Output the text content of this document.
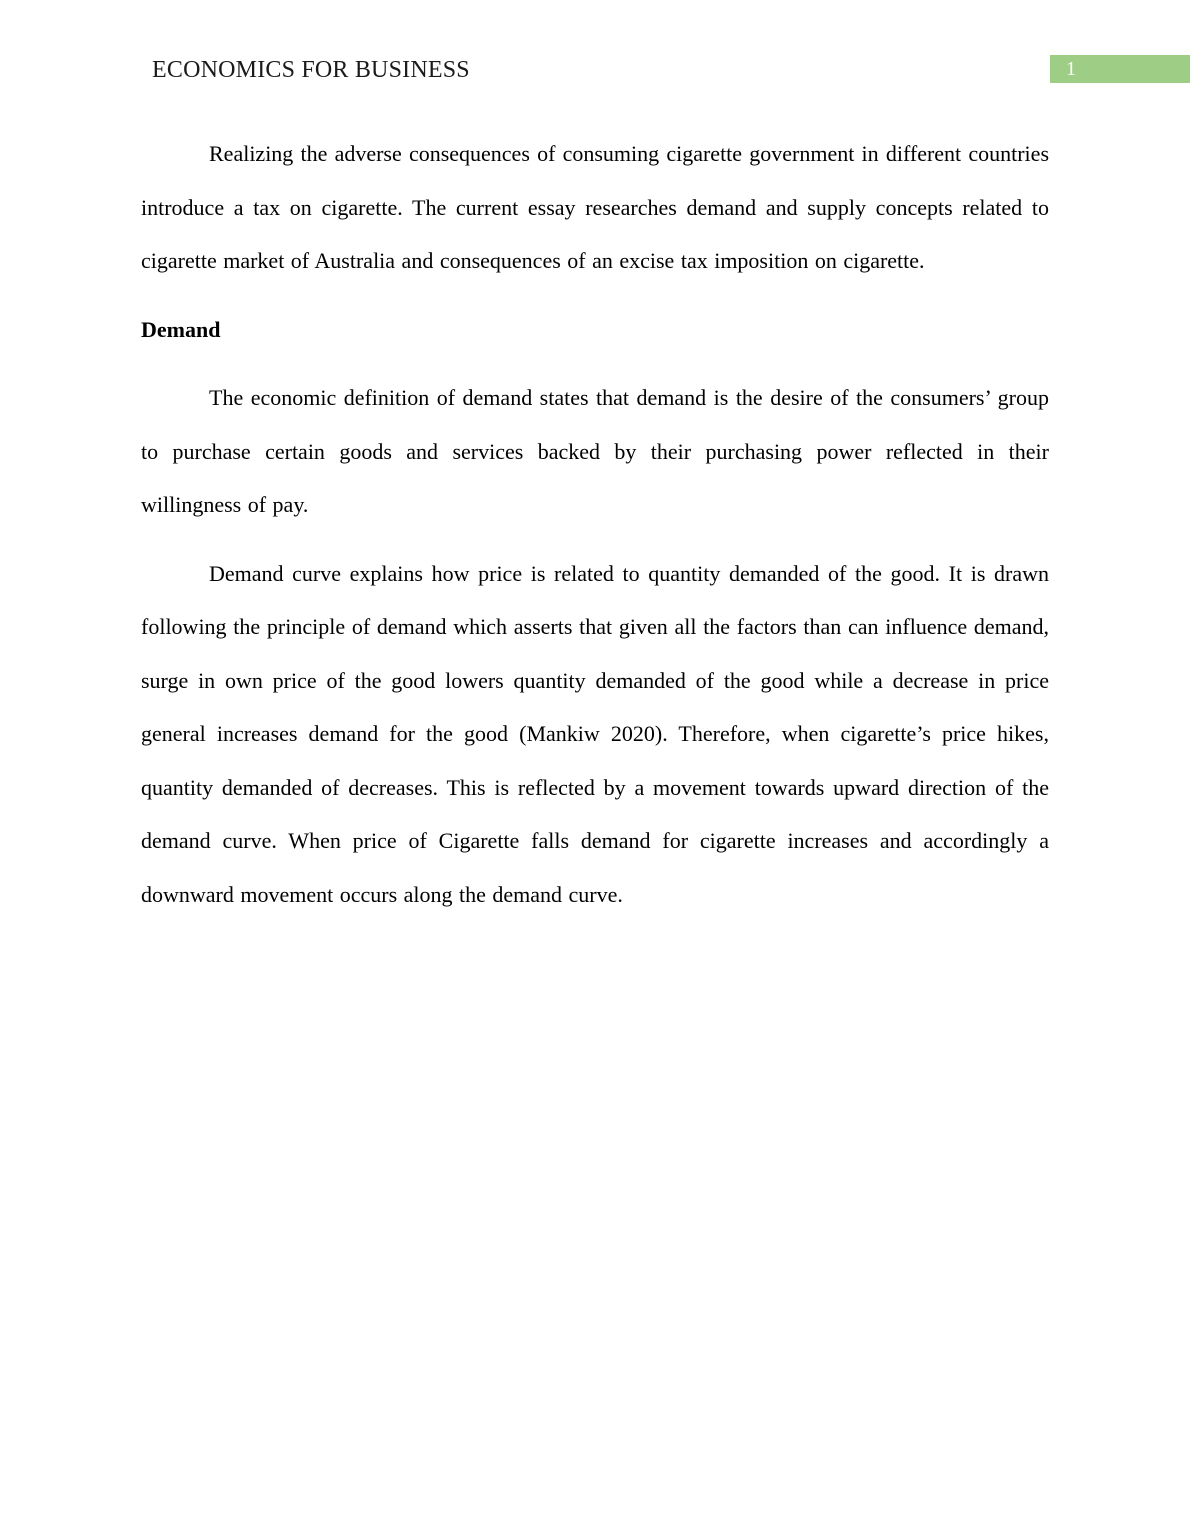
ECONOMICS FOR BUSINESS	1

Realizing the adverse consequences of consuming cigarette government in different countries introduce a tax on cigarette. The current essay researches demand and supply concepts related to cigarette market of Australia and consequences of an excise tax imposition on cigarette.

Demand

The economic definition of demand states that demand is the desire of the consumers’ group to purchase certain goods and services backed by their purchasing power reflected in their willingness of pay.

Demand curve explains how price is related to quantity demanded of the good. It is drawn following the principle of demand which asserts that given all the factors than can influence demand, surge in own price of the good lowers quantity demanded of the good while a decrease in price general increases demand for the good (Mankiw 2020). Therefore, when cigarette’s price hikes, quantity demanded of decreases. This is reflected by a movement towards upward direction of the demand curve. When price of Cigarette falls demand for cigarette increases and accordingly a downward movement occurs along the demand curve.
